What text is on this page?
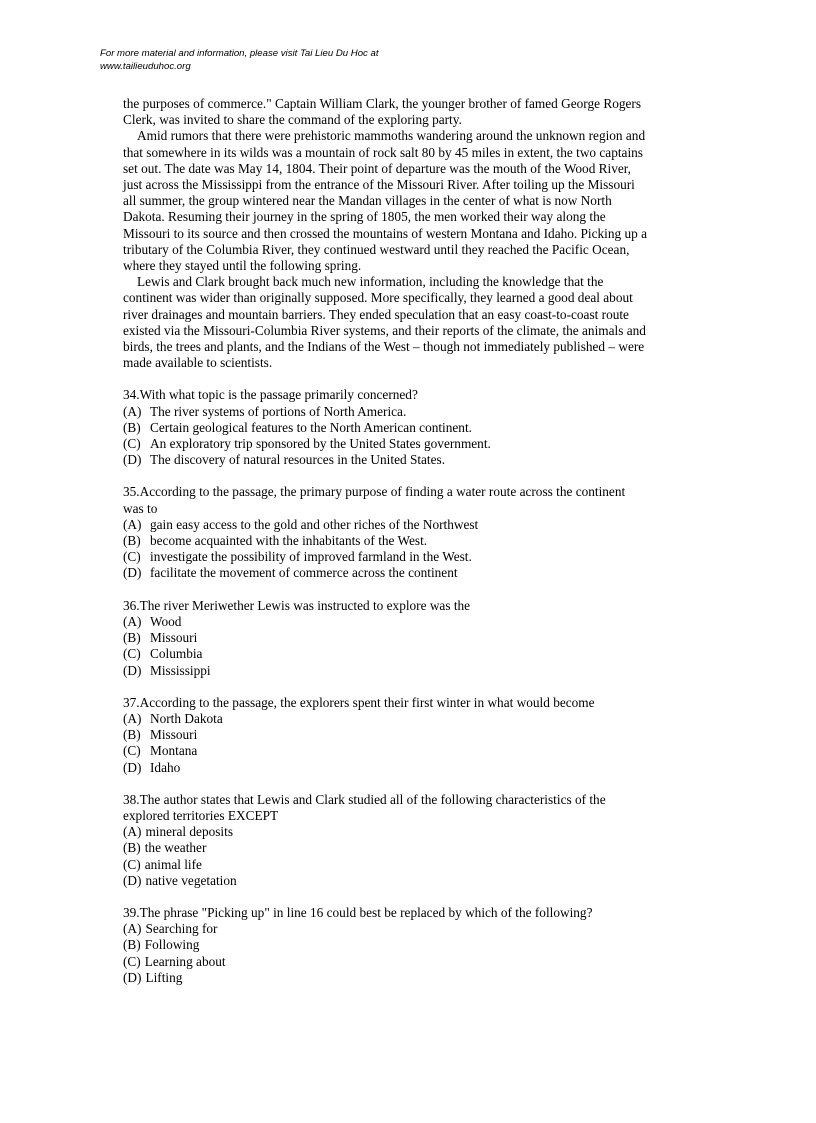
For more material and information, please visit Tai Lieu Du Hoc at
www.tailieuduhoc.org
the purposes of commerce." Captain William Clark, the younger brother of famed George Rogers
Clerk, was invited to share the command of the exploring party.
Amid rumors that there were prehistoric mammoths wandering around the unknown region and
that somewhere in its wilds was a mountain of rock salt 80 by 45 miles in extent, the two captains
set out. The date was May 14, 1804. Their point of departure was the mouth of the Wood River,
just across the Mississippi from the entrance of the Missouri River. After toiling up the Missouri
all summer, the group wintered near the Mandan villages in the center of what is now North
Dakota. Resuming their journey in the spring of 1805, the men worked their way along the
Missouri to its source and then crossed the mountains of western Montana and Idaho. Picking up a
tributary of the Columbia River, they continued westward until they reached the Pacific Ocean,
where they stayed until the following spring.
Lewis and Clark brought back much new information, including the knowledge that the
continent was wider than originally supposed. More specifically, they learned a good deal about
river drainages and mountain barriers. They ended speculation that an easy coast-to-coast route
existed via the Missouri-Columbia River systems, and their reports of the climate, the animals and
birds, the trees and plants, and the Indians of the West – though not immediately published – were
made available to scientists.
34.With what topic is the passage primarily concerned?
(A) The river systems of portions of North America.
(B) Certain geological features to the North American continent.
(C) An exploratory trip sponsored by the United States government.
(D) The discovery of natural resources in the United States.
35.According to the passage, the primary purpose of finding a water route across the continent
was to
(A) gain easy access to the gold and other riches of the Northwest
(B) become acquainted with the inhabitants of the West.
(C) investigate the possibility of improved farmland in the West.
(D) facilitate the movement of commerce across the continent
36.The river Meriwether Lewis was instructed to explore was the
(A) Wood
(B) Missouri
(C) Columbia
(D) Mississippi
37.According to the passage, the explorers spent their first winter in what would become
(A) North Dakota
(B) Missouri
(C) Montana
(D) Idaho
38.The author states that Lewis and Clark studied all of the following characteristics of the
explored territories EXCEPT
(A) mineral deposits
(B) the weather
(C) animal life
(D) native vegetation
39.The phrase "Picking up" in line 16 could best be replaced by which of the following?
(A) Searching for
(B) Following
(C) Learning about
(D) Lifting
